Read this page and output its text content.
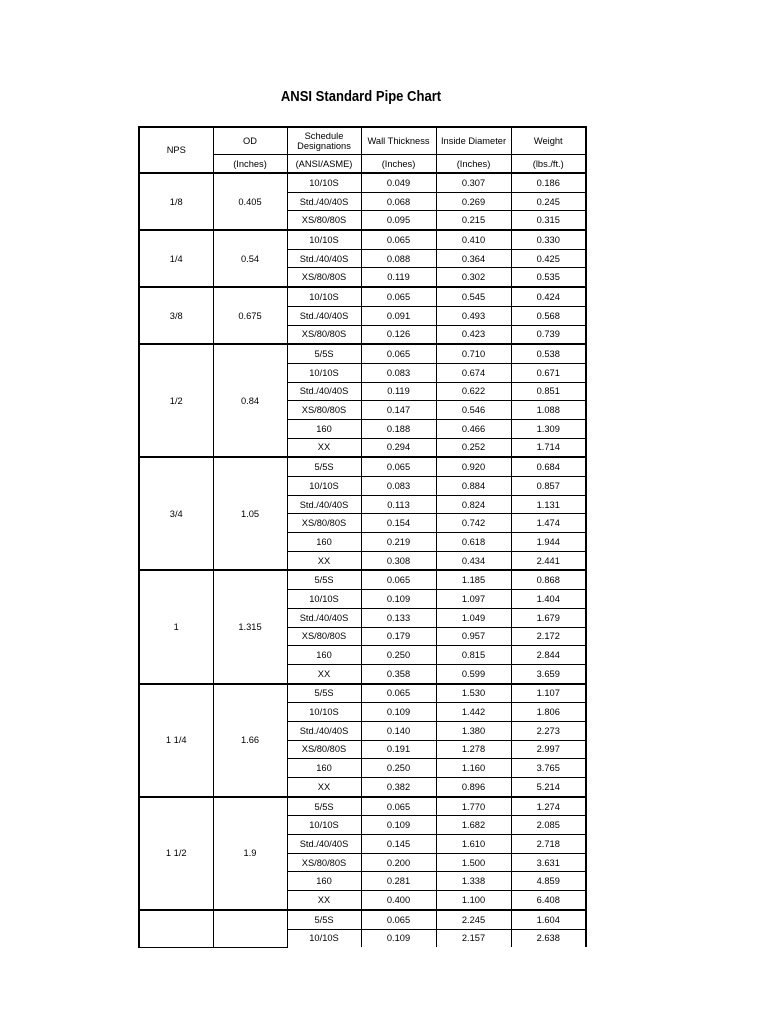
ANSI Standard Pipe Chart
NPS	OD	Schedule Designations	Wall Thickness	Inside Diameter	Weight
	(Inches)	(ANSI/ASME)	(Inches)	(Inches)	(lbs./ft.)
1/8	0.405	10/10S	0.049	0.307	0.186
		Std./40/40S	0.068	0.269	0.245
		XS/80/80S	0.095	0.215	0.315
1/4	0.54	10/10S	0.065	0.410	0.330
		Std./40/40S	0.088	0.364	0.425
		XS/80/80S	0.119	0.302	0.535
3/8	0.675	10/10S	0.065	0.545	0.424
		Std./40/40S	0.091	0.493	0.568
		XS/80/80S	0.126	0.423	0.739
1/2	0.84	5/5S	0.065	0.710	0.538
		10/10S	0.083	0.674	0.671
		Std./40/40S	0.119	0.622	0.851
		XS/80/80S	0.147	0.546	1.088
		160	0.188	0.466	1.309
		XX	0.294	0.252	1.714
3/4	1.05	5/5S	0.065	0.920	0.684
		10/10S	0.083	0.884	0.857
		Std./40/40S	0.113	0.824	1.131
		XS/80/80S	0.154	0.742	1.474
		160	0.219	0.618	1.944
		XX	0.308	0.434	2.441
1	1.315	5/5S	0.065	1.185	0.868
		10/10S	0.109	1.097	1.404
		Std./40/40S	0.133	1.049	1.679
		XS/80/80S	0.179	0.957	2.172
		160	0.250	0.815	2.844
		XX	0.358	0.599	3.659
1 1/4	1.66	5/5S	0.065	1.530	1.107
		10/10S	0.109	1.442	1.806
		Std./40/40S	0.140	1.380	2.273
		XS/80/80S	0.191	1.278	2.997
		160	0.250	1.160	3.765
		XX	0.382	0.896	5.214
1 1/2	1.9	5/5S	0.065	1.770	1.274
		10/10S	0.109	1.682	2.085
		Std./40/40S	0.145	1.610	2.718
		XS/80/80S	0.200	1.500	3.631
		160	0.281	1.338	4.859
		XX	0.400	1.100	6.408
		5/5S	0.065	2.245	1.604
		10/10S	0.109	2.157	2.638
